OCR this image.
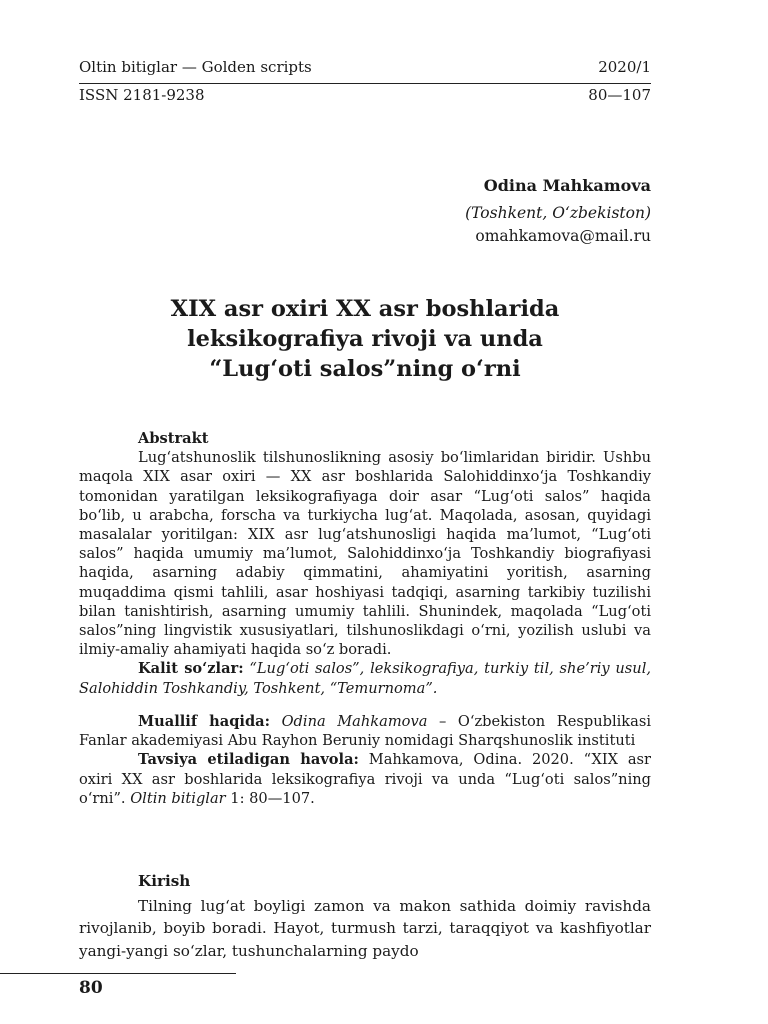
Oltin bitiglar — Golden scripts	2020/1
ISSN 2181-9238	80—107
Odina Mahkamova
(Toshkent, O‘zbekiston)
omahkamova@mail.ru
XIX asr oxiri XX asr boshlarida
leksikografiya rivoji va unda
“Lug‘oti salos”ning o‘rni
Abstrakt

Lug‘atshunoslik tilshunoslikning asosiy bo‘limlaridan biridir. Ushbu maqola XIX asar oxiri — XX asr boshlarida Salohiddinxo‘ja Toshkandiy tomonidan yaratilgan leksikografiyaga doir asar “Lug‘oti salos” haqida bo‘lib, u arabcha, forscha va turkiycha lug‘at. Maqolada, asosan, quyidagi masalalar yoritilgan: XIX asr lug‘atshunosligi haqida ma’lumot, “Lug‘oti salos” haqida umumiy ma’lumot, Salohiddinxo‘ja Toshkandiy biografiyasi haqida, asarning adabiy qimmatini, ahamiyatini yoritish, asarning muqaddima qismi tahlili, asar hoshiyasi tadqiqi, asarning tarkibiy tuzilishi bilan tanishtirish, asarning umumiy tahlili. Shunindek, maqolada “Lug‘oti salos”ning lingvistik xususiyatlari, tilshunoslikdagi o‘rni, yozilish uslubi va ilmiy-amaliy ahamiyati haqida so‘z boradi.

Kalit so‘zlar: “Lug‘oti salos”, leksikografiya, turkiy til, she’riy usul, Salohiddin Toshkandiy, Toshkent, “Temurnoma”.

Muallif haqida: Odina Mahkamova – O‘zbekiston Respublikasi Fanlar akademiyasi Abu Rayhon Beruniy nomidagi Sharqshunoslik instituti

Tavsiya etiladigan havola: Mahkamova, Odina. 2020. “XIX asr oxiri XX asr boshlarida leksikografiya rivoji va unda “Lug‘oti salos”ning o‘rni”. Oltin bitiglar 1: 80—107.

Kirish

Tilning lug‘at boyligi zamon va makon sathida doimiy ravishda rivojlanib, boyib boradi. Hayot, turmush tarzi, taraqqiyot va kashfiyotlar yangi-yangi so‘zlar, tushunchalarning paydo

80
